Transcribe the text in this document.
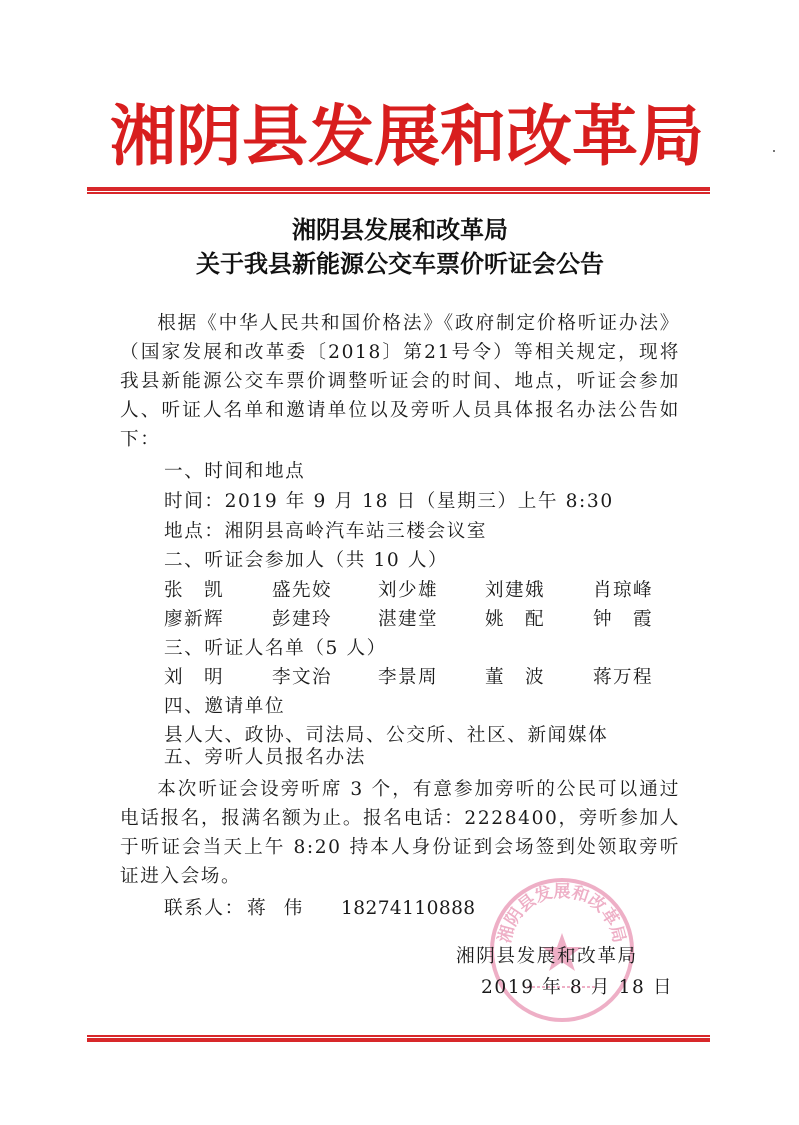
湘 阴 县 发 展 和 改 革 局
湘阴县发展和改革局
关于我县新能源公交车票价听证会公告
根据《中华人民共和国价格法》《政府制定价格听证办法》（国家发展和改革委〔2018〕第21号令）等相关规定，现将我县新能源公交车票价调整听证会的时间、地点，听证会参加人、听证人名单和邀请单位以及旁听人员具体报名办法公告如下：
一、时间和地点
时间：2019 年 9 月 18 日（星期三）上午 8:30
地点：湘阴县高岭汽车站三楼会议室
二、听证会参加人（共 10 人）
张　凯	盛先姣 刘少雄	刘建娥	肖琼峰
廖新辉	彭建玲 湛建堂	姚　配	钟　霞
三、听证人名单（5 人）
刘　明	李文治 李景周	董　波	蒋万程
四、邀请单位
县人大、政协、司法局、公交所、社区、新闻媒体
五、旁听人员报名办法
本次听证会设旁听席 3 个，有意参加旁听的公民可以通过电话报名，报满名额为止。报名电话：2228400，旁听参加人于听证会当天上午 8:20 持本人身份证到会场签到处领取旁听证进入会场。
联系人： 蒋伟 18274110888
湘阴县发展和改革局
湘阴县发展和改革局
2019 年 8 月 18 日
